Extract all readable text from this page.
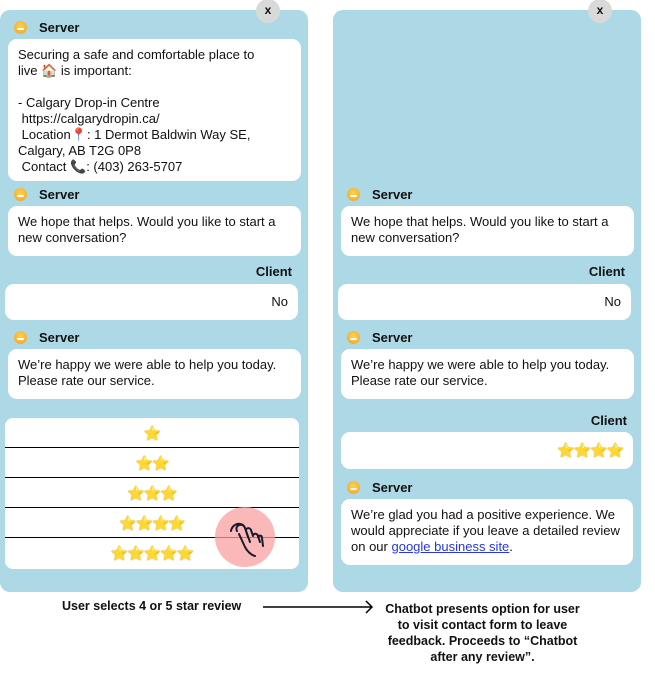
x
Server
Securing a safe and comfortable place to
live 🏠 is important:
- Calgary Drop-in Centre
https://calgarydropin.ca/
Location📍: 1 Dermot Baldwin Way SE,
Calgary, AB T2G 0P8
Contact 📞: (403) 263-5707
Server
We hope that helps. Would you like to start a new conversation?
Client
No
Server
We’re happy we were able to help you today. Please rate our service.
⭐
⭐⭐
⭐⭐⭐
⭐⭐⭐⭐
⭐⭐⭐⭐⭐
x
Server
We hope that helps. Would you like to start a new conversation?
Client
No
Server
We’re happy we were able to help you today. Please rate our service.
Client
⭐⭐⭐⭐
Server
We’re glad you had a positive experience. We would appreciate if you leave a detailed review on our google business site.
User selects 4 or 5 star review	Chatbot presents option for user to visit contact form to leave feedback. Proceeds to “Chatbot after any review”.
